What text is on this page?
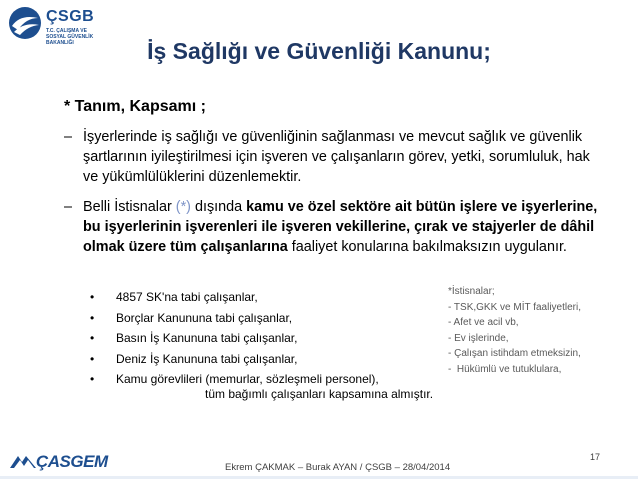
ÇSGB
T.C. ÇALIŞMA VE
SOSYAL GÜVENLİK
BAKANLIĞI	İş Sağlığı ve Güvenliği Kanunu;
* Tanım, Kapsamı ;
– İşyerlerinde iş sağlığı ve güvenliğinin sağlanması ve mevcut sağlık ve güvenlik şartlarının iyileştirilmesi için işveren ve çalışanların görev, yetki, sorumluluk, hak ve yükümlülüklerini düzenlemektir.
– Belli İstisnalar (*) dışında kamu ve özel sektöre ait bütün işlere ve işyerlerine, bu işyerlerinin işverenleri ile işveren vekillerine, çırak ve stajyerler de dâhil olmak üzere tüm çalışanlarına faaliyet konularına bakılmaksızın uygulanır.
• 4857 SK'na tabi çalışanlar,
• Borçlar Kanununa tabi çalışanlar,
• Basın İş Kanununa tabi çalışanlar,
• Deniz İş Kanununa tabi çalışanlar,
• Kamu görevlileri (memurlar, sözleşmeli personel),
tüm bağımlı çalışanları kapsamına almıştır.
*İstisnalar;
- TSK,GKK ve MİT faaliyetleri,
- Afet ve acil vb,
- Ev işlerinde,
- Çalışan istihdam etmeksizin,
-  Hükümlü ve tutuklulara,
17
Ekrem ÇAKMAK – Burak AYAN / ÇSGB – 28/04/2014
ÇASGEM
